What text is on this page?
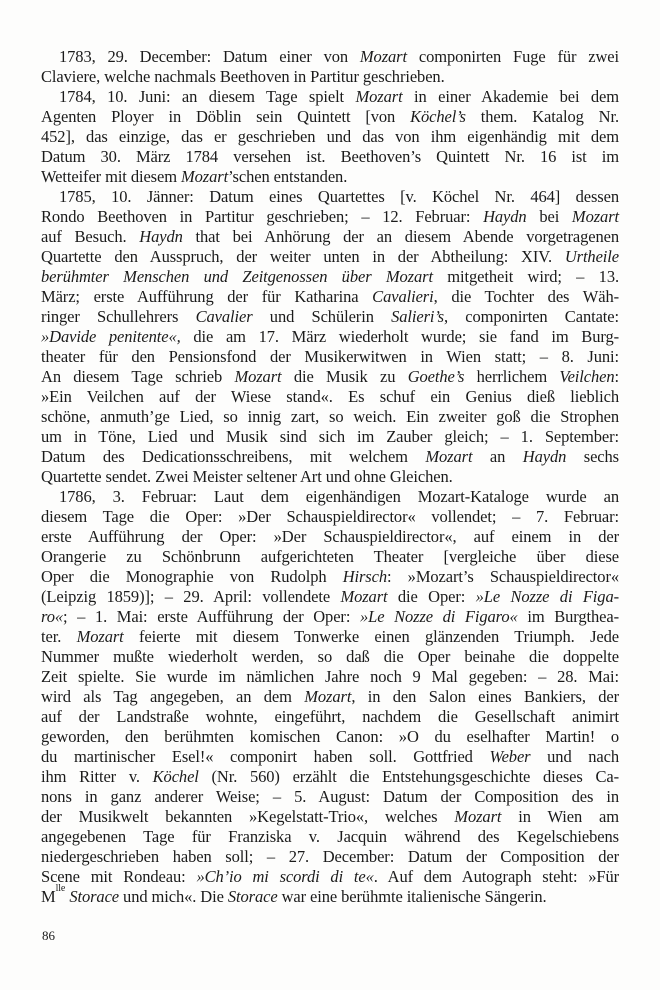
1783, 29. December: Datum einer von Mozart componirten Fuge für zwei
Claviere, welche nachmals Beethoven in Partitur geschrieben.
1784, 10. Juni: an diesem Tage spielt Mozart in einer Akademie bei dem
Agenten Ployer in Döblin sein Quintett [von Köchel’s them. Katalog Nr.
452], das einzige, das er geschrieben und das von ihm eigenhändig mit dem
Datum 30. März 1784 versehen ist. Beethoven’s Quintett Nr. 16 ist im
Wetteifer mit diesem Mozart’schen entstanden.
1785, 10. Jänner: Datum eines Quartettes [v. Köchel Nr. 464] dessen
Rondo Beethoven in Partitur geschrieben; – 12. Februar: Haydn bei Mozart
auf Besuch. Haydn that bei Anhörung der an diesem Abende vorgetragenen
Quartette den Ausspruch, der weiter unten in der Abtheilung: XIV. Urtheile
berühmter Menschen und Zeitgenossen über Mozart mitgetheit wird; – 13.
März; erste Aufführung der für Katharina Cavalieri, die Tochter des Wäh-
ringer Schullehrers Cavalier und Schülerin Salieri’s, componirten Cantate:
»Davide penitente«, die am 17. März wiederholt wurde; sie fand im Burg-
theater für den Pensionsfond der Musikerwitwen in Wien statt; – 8. Juni:
An diesem Tage schrieb Mozart die Musik zu Goethe’s herrlichem Veilchen:
»Ein Veilchen auf der Wiese stand«. Es schuf ein Genius dieß lieblich
schöne, anmuth’ge Lied, so innig zart, so weich. Ein zweiter goß die Strophen
um in Töne, Lied und Musik sind sich im Zauber gleich; – 1. September:
Datum des Dedicationsschreibens, mit welchem Mozart an Haydn sechs
Quartette sendet. Zwei Meister seltener Art und ohne Gleichen.
1786, 3. Februar: Laut dem eigenhändigen Mozart-Kataloge wurde an
diesem Tage die Oper: »Der Schauspieldirector« vollendet; – 7. Februar:
erste Aufführung der Oper: »Der Schauspieldirector«, auf einem in der
Orangerie zu Schönbrunn aufgerichteten Theater [vergleiche über diese
Oper die Monographie von Rudolph Hirsch: »Mozart’s Schauspieldirector«
(Leipzig 1859)]; – 29. April: vollendete Mozart die Oper: »Le Nozze di Figa-
ro«; – 1. Mai: erste Aufführung der Oper: »Le Nozze di Figaro« im Burgthea-
ter. Mozart feierte mit diesem Tonwerke einen glänzenden Triumph. Jede
Nummer mußte wiederholt werden, so daß die Oper beinahe die doppelte
Zeit spielte. Sie wurde im nämlichen Jahre noch 9 Mal gegeben: – 28. Mai:
wird als Tag angegeben, an dem Mozart, in den Salon eines Bankiers, der
auf der Landstraße wohnte, eingeführt, nachdem die Gesellschaft animirt
geworden, den berühmten komischen Canon: »O du eselhafter Martin! o
du martinischer Esel!« componirt haben soll. Gottfried Weber und nach
ihm Ritter v. Köchel (Nr. 560) erzählt die Entstehungsgeschichte dieses Ca-
nons in ganz anderer Weise; – 5. August: Datum der Composition des in
der Musikwelt bekannten »Kegelstatt-Trio«, welches Mozart in Wien am
angegebenen Tage für Franziska v. Jacquin während des Kegelschiebens
niedergeschrieben haben soll; – 27. December: Datum der Composition der
Scene mit Rondeau: »Ch’io mi scordi di te«. Auf dem Autograph steht: »Für
$M^{lle}$ Storace und mich«. Die Storace war eine berühmte italienische Sängerin.
86
